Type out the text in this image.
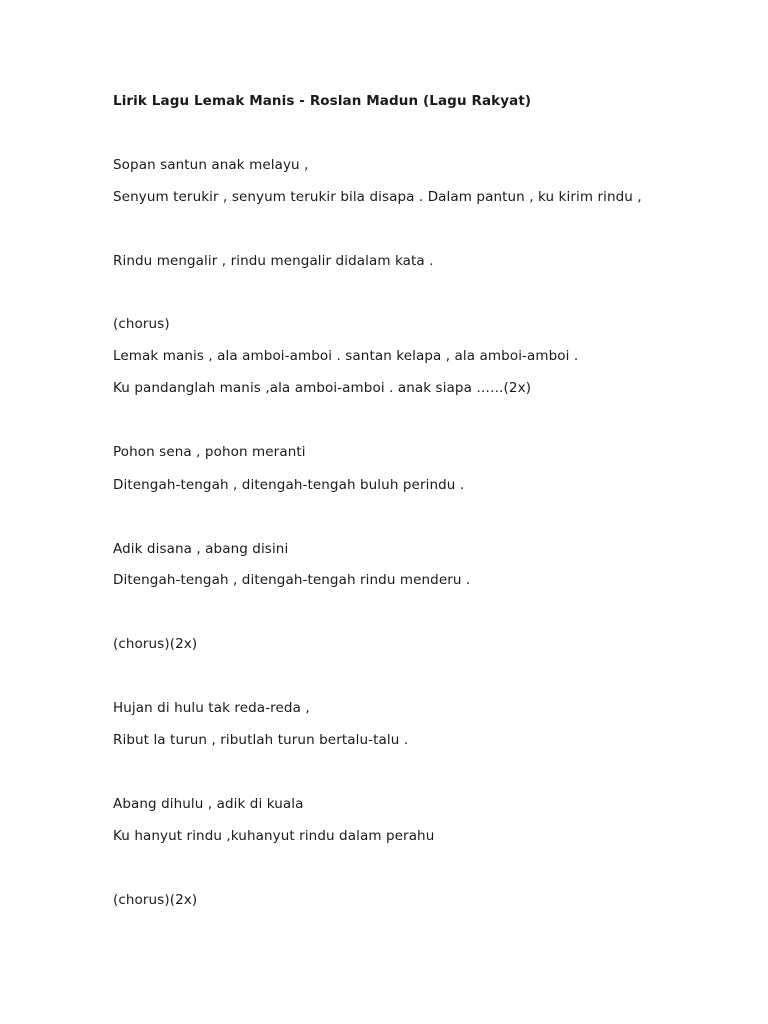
Lirik Lagu Lemak Manis - Roslan Madun (Lagu Rakyat)
Sopan santun anak melayu ,
Senyum terukir , senyum terukir bila disapa . Dalam pantun , ku kirim rindu ,
Rindu mengalir , rindu mengalir didalam kata .
(chorus)
Lemak manis , ala amboi-amboi . santan kelapa , ala amboi-amboi .
Ku pandanglah manis ,ala amboi-amboi . anak siapa ……(2x)
Pohon sena , pohon meranti
Ditengah-tengah , ditengah-tengah buluh perindu .
Adik disana , abang disini
Ditengah-tengah , ditengah-tengah rindu menderu .
(chorus)(2x)
Hujan di hulu tak reda-reda ,
Ribut la turun , ributlah turun bertalu-talu .
Abang dihulu , adik di kuala
Ku hanyut rindu ,kuhanyut rindu dalam perahu
(chorus)(2x)
